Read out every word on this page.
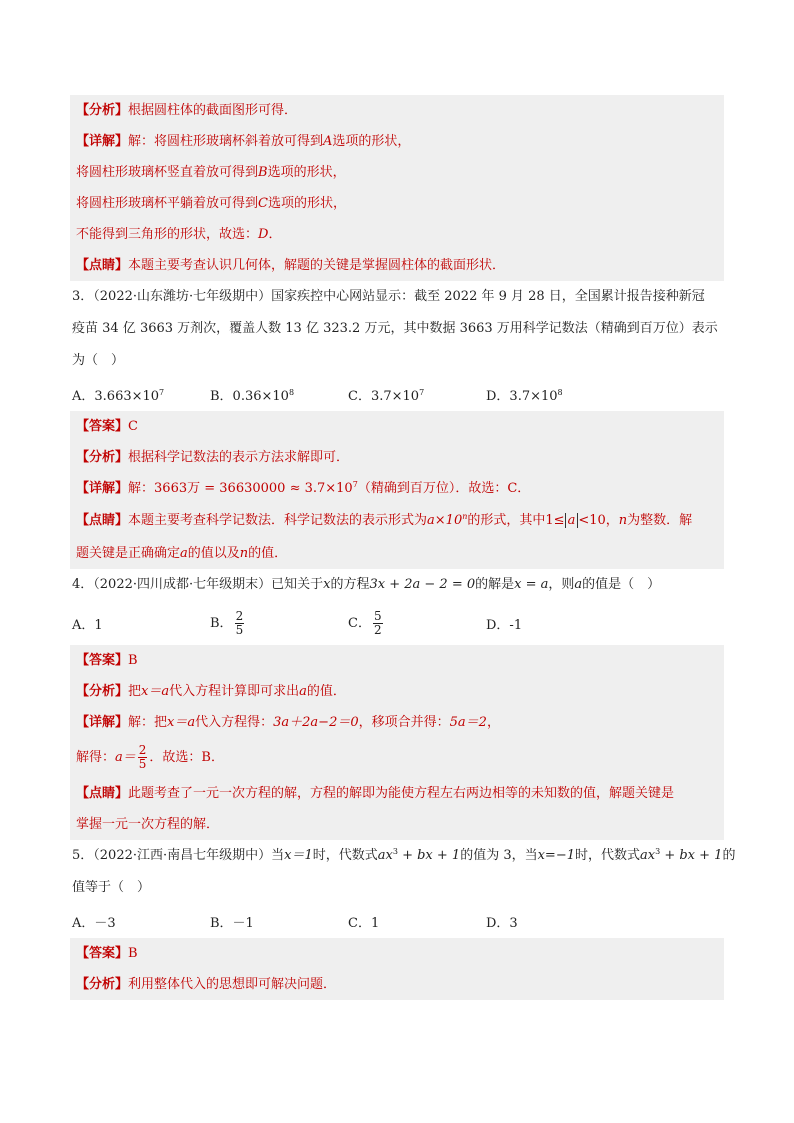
【分析】根据圆柱体的截面图形可得．
【详解】解：将圆柱形玻璃杯斜着放可得到A选项的形状，
将圆柱形玻璃杯竖直着放可得到B选项的形状，
将圆柱形玻璃杯平躺着放可得到C选项的形状，
不能得到三角形的形状，故选：D．
【点睛】本题主要考查认识几何体，解题的关键是掌握圆柱体的截面形状．
3．（2022·山东潍坊·七年级期中）国家疾控中心网站显示：截至 2022 年 9 月 28 日，全国累计报告接种新冠
疫苗 34 亿 3663 万剂次，覆盖人数 13 亿 323.2 万元，其中数据 3663 万用科学记数法（精确到百万位）表示
为（　）
A．$3.663\times 10^7$	B．$0.36\times 10^8$	C．$3.7\times 10^7$	D．$3.7\times 10^8$
【答案】C
【分析】根据科学记数法的表示方法求解即可．
【详解】解：3663万 = $36630000 \approx 3.7\times 10^7$（精确到百万位）．故选：C．
【点睛】本题主要考查科学记数法．科学记数法的表示形式为$a\times 10^n$的形式，其中1≤ a <10，n为整数．解
题关键是正确确定a的值以及n的值．
4．（2022·四川成都·七年级期末）已知关于x的方程3x + 2a − 2 = 0的解是x = a，则a的值是（　）
A．1	B． $\frac{2}{5}$	C． $\frac{5}{2}$	D．-1
【答案】B
【分析】把x＝a代入方程计算即可求出a的值．
【详解】解：把x＝a代入方程得：3a＋2a−2＝0，移项合并得：5a＝2，
解得：$a= \frac{2}{5}$ ．故选：B．
【点睛】此题考查了一元一次方程的解，方程的解即为能使方程左右两边相等的未知数的值，解题关键是
掌握一元一次方程的解．
5．（2022·江西·南昌七年级期中）当x＝1时，代数式$ax^3$ + bx + 1的值为 3，当x=−1时，代数式$ax^3$ + bx + 1的
值等于（　）
A．－3	B．－1	C．1	D．3
【答案】B
【分析】利用整体代入的思想即可解决问题．
